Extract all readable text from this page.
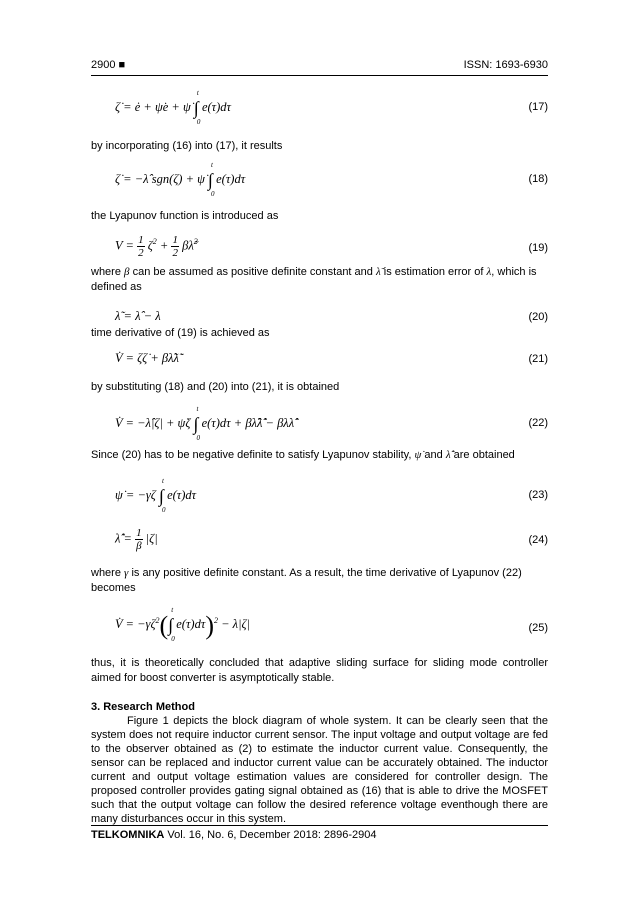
2900 ■	ISSN: 1693-6930
ζ̇ = ė + ψ̇e + ψ̇ ∫
t
0
e(τ)dτ	(17)
by incorporating (16) into (17), it results
ζ̇ = −λ̂ sgn(ζ) + ψ̇ ∫
t
0
e(τ)dτ	(18)
the Lyapunov function is introduced as
$V = \frac{1}{2} \zeta^2 + \frac{1}{2}$ βλ̃$^2$
(19)
where β can be assumed as positive definite constant and λ̃ is estimation error of λ, which is
defined as
λ̃ = λ̂ − λ	(20)
time derivative of (19) is achieved as
V̇ = ζζ̇ + βλ̃λ̃̇	(21)
by substituting (18) and (20) into (21), it is obtained
V̇ = −λ̂|ζ| + ψ̇ζ ∫
t
0
e(τ)dτ + βλ̂λ̂̇ − βλλ̂̇	(22)
Since (20) has to be negative definite to satisfy Lyapunov stability, ψ̇ and λ̂̇ are obtained
ψ̇ = −γζ ∫
t
0
e(τ)dτ	(23)
λ̂̇ = $\frac{1}{\beta} |\zeta|$	(24)
where γ is any positive definite constant. As a result, the time derivative of Lyapunov (22)
becomes
V̇ = $-\gamma\zeta^2(\int$
t
0
e(τ)dτ)$^2$ − λ|ζ|	(25)
thus, it is theoretically concluded that adaptive sliding surface for sliding mode controller aimed for boost converter is asymptotically stable.
3. Research Method
Figure 1 depicts the block diagram of whole system. It can be clearly seen that the system does not require inductor current sensor. The input voltage and output voltage are fed to the observer obtained as (2) to estimate the inductor current value. Consequently, the sensor can be replaced and inductor current value can be accurately obtained. The inductor current and output voltage estimation values are considered for controller design. The proposed controller provides gating signal obtained as (16) that is able to drive the MOSFET such that the output voltage can follow the desired reference voltage eventhough there are many disturbances occur in this system.
TELKOMNIKA Vol. 16, No. 6, December 2018: 2896-2904
